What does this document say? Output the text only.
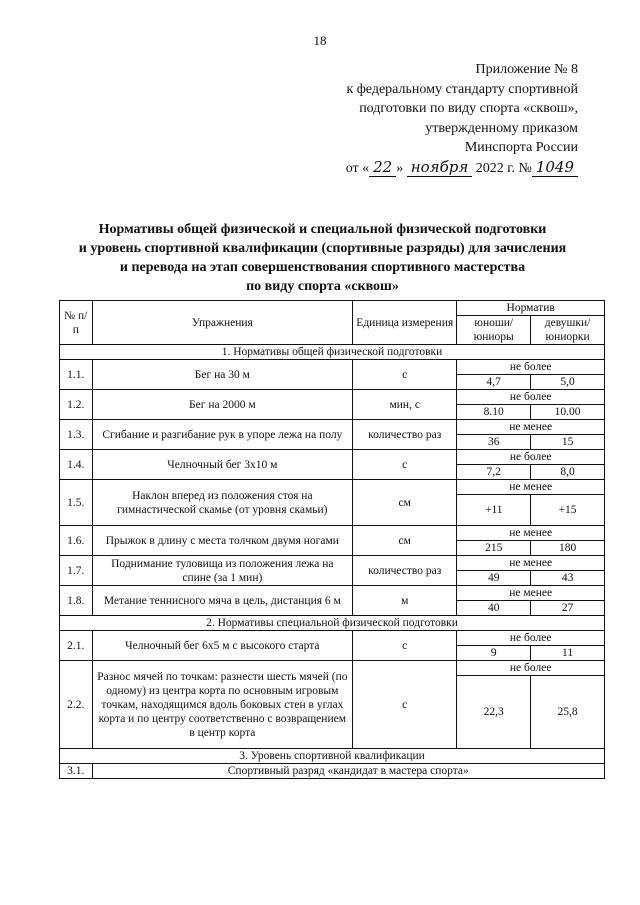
18
Приложение № 8
к федеральному стандарту спортивной
подготовки по виду спорта «сквош»,
утвержденному приказом
Минспорта России
от « 22 » ноября 2022 г. № 1049
Нормативы общей физической и специальной физической подготовки
и уровень спортивной квалификации (спортивные разряды) для зачисления
и перевода на этап совершенствования спортивного мастерства
по виду спорта «сквош»
№ п/п	Упражнения	Единица измерения	Норматив	
			юноши/ юниоры	девушки/ юниорки
1. Нормативы общей физической подготовки				
1.1.	Бег на 30 м	с	не более	
			4,7	5,0
1.2.	Бег на 2000 м	мин, с	не более	
			8.10	10.00
1.3.	Сгибание и разгибание рук в упоре лежа на полу	количество раз	не менее	
			36	15
1.4.	Челночный бег 3х10 м	с	не более	
			7,2	8,0
1.5.	Наклон вперед из положения стоя на гимнастической скамье (от уровня скамьи)	см	не менее	
			+11	+15
1.6.	Прыжок в длину с места толчком двумя ногами	см	не менее	
			215	180
1.7.	Поднимание туловища из положения лежа на спине (за 1 мин)	количество раз	не менее	
			49	43
1.8.	Метание теннисного мяча в цель, дистанция 6 м	м	не менее	
			40	27
2. Нормативы специальной физической подготовки				
2.1.	Челночный бег 6х5 м с высокого старта	с	не более	
			9	11
2.2.	Разнос мячей по точкам: разнести шесть мячей (по одному) из центра корта по основным игровым точкам, находящимся вдоль боковых стен в углах корта и по центру соответственно с возвращением в центр корта	с	не более	
			22,3	25,8
3. Уровень спортивной квалификации				
3.1.	Спортивный разряд «кандидат в мастера спорта»			
